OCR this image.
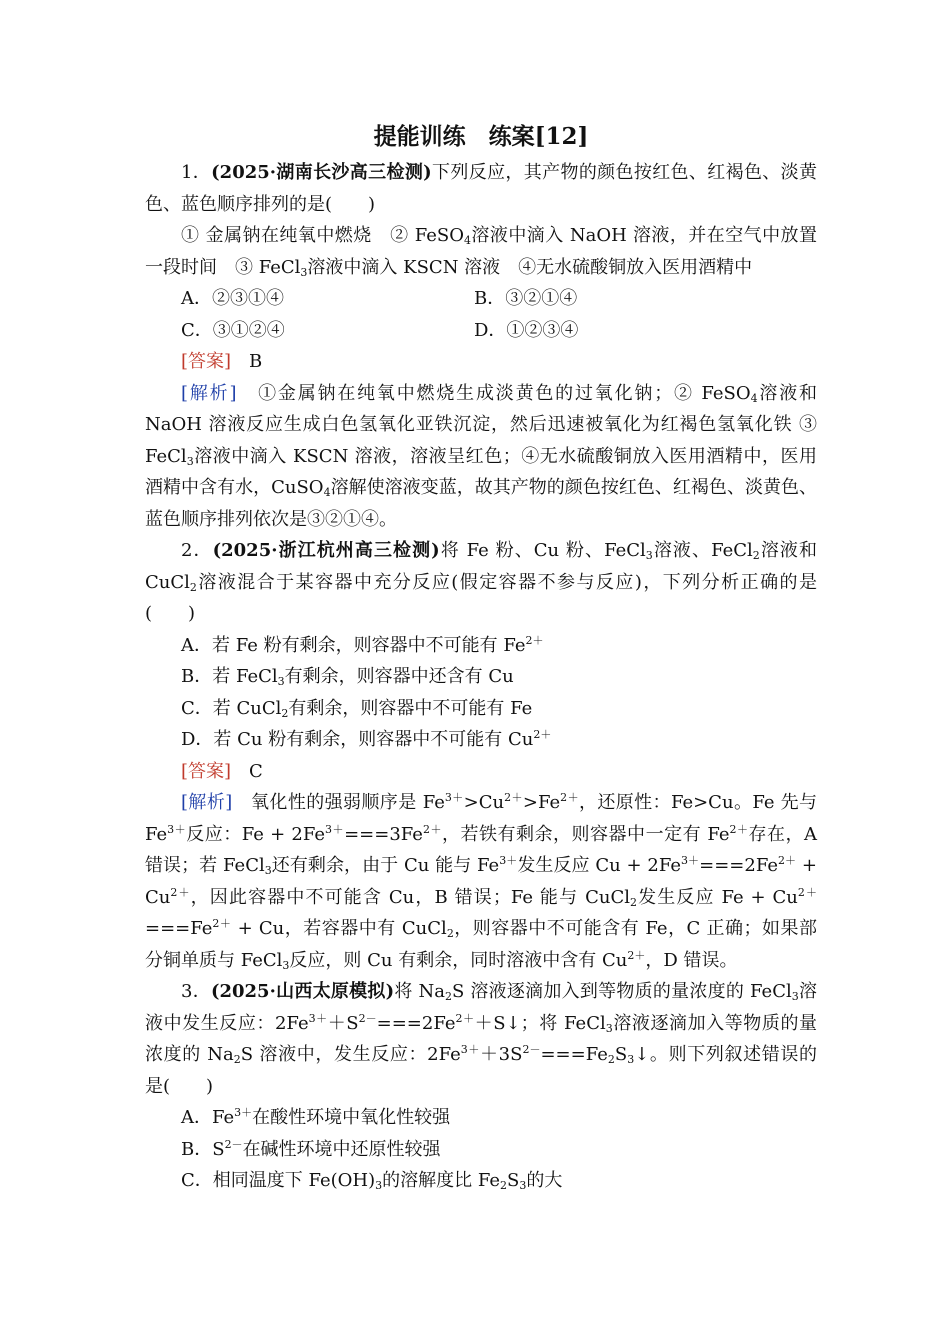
提能训练　练案[12]

1．(2025·湖南长沙高三检测)下列反应，其产物的颜色按红色、红褐色、淡黄色、蓝色顺序排列的是(　　)

① 金属钠在纯氧中燃烧　② FeSO$_4$溶液中滴入 NaOH 溶液，并在空气中放置一段时间　③ FeCl$_3$溶液中滴入 KSCN 溶液　④无水硫酸铜放入医用酒精中

A．②③①④	B．③②①④
C．③①②④	D．①②③④

[答案]　 B

[解析]　 ①金属钠在纯氧中燃烧生成淡黄色的过氧化钠；② FeSO$_4$溶液和 NaOH 溶液反应生成白色氢氧化亚铁沉淀，然后迅速被氧化为红褐色氢氧化铁 ③ FeCl$_3$溶液中滴入 KSCN 溶液，溶液呈红色；④无水硫酸铜放入医用酒精中，医用酒精中含有水，CuSO$_4$溶解使溶液变蓝，故其产物的颜色按红色、红褐色、淡黄色、蓝色顺序排列依次是③②①④。

2．(2025·浙江杭州高三检测)将 Fe 粉、Cu 粉、FeCl$_3$溶液、FeCl$_2$溶液和 CuCl$_2$溶液混合于某容器中充分反应(假定容器不参与反应)，下列分析正确的是(　　)

A．若 Fe 粉有剩余，则容器中不可能有 $Fe^{2+}$

B．若 FeCl$_3$有剩余，则容器中还含有 Cu

C．若 CuCl$_2$有剩余，则容器中不可能有 Fe

D．若 Cu 粉有剩余，则容器中不可能有 $Cu^{2+}$

[答案]　 C

[解析]　 氧化性的强弱顺序是 $Fe^{3+}>Cu^{2+}>Fe^{2+}$，还原性：Fe>Cu。Fe 先与 $Fe^{3+}$反应：$Fe + 2Fe^{3+}===3Fe^{2+}$，若铁有剩余，则容器中一定有 $Fe^{2+}$存在，A 错误；若 FeCl$_3$还有剩余，由于 Cu 能与 $Fe^{3+}$发生反应 $Cu + 2Fe^{3+}===2Fe^{2+} + Cu^{2+}$，因此容器中不可能含 Cu，B 错误；Fe 能与 CuCl$_2$发生反应 $Fe + Cu^{2+}===Fe^{2+} + Cu$，若容器中有 CuCl$_2$，则容器中不可能含有 Fe，C 正确；如果部分铜单质与 FeCl$_3$反应，则 Cu 有剩余，同时溶液中含有 $Cu^{2+}$，D 错误。

3．(2025·山西太原模拟)将 $Na_2S$ 溶液逐滴加入到等物质的量浓度的 FeCl$_3$溶液中发生反应：$2Fe^{3+}+S^{2-}===2Fe^{2+}+S↓$；将 FeCl$_3$溶液逐滴加入等物质的量浓度的 $Na_2S$ 溶液中，发生反应：$2Fe^{3+}+3S^{2-}===Fe_2S_3↓$。则下列叙述错误的是(　　)

A．$Fe^{3+}$在酸性环境中氧化性较强

B．$S^{2-}$在碱性环境中还原性较强

C．相同温度下 $Fe(OH)_3$的溶解度比 $Fe_2S_3$的大
